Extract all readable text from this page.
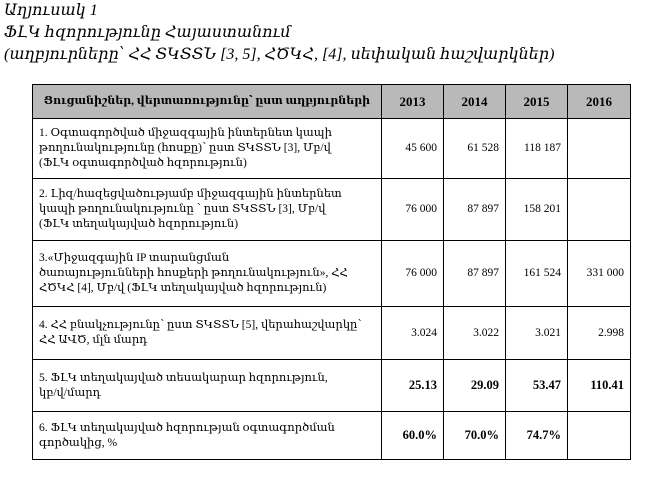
Աղյուսակ 1
ՖԼԿ հզորությունը Հայաստանում
(աղբյուրները՝ ՀՀ ՏԿՏՏՆ [3, 5], ՀԾԿՀ, [4], սեփական հաշվարկներ)
Ցուցանիշներ, վերտառությունը՝ ըստ աղբյուրների	2013	2014	2015	2016

1. Օգտագործված միջազգային ինտերնետ կապի
թողունակությունը (հոսքը)՝ ըստ ՏԿՏՏՆ [3], Մբ/վ
(ՖԼԿ օգտագործված հզորություն)	45 600	61 528	118 187	

2. Լիզ/հազեցվածությամբ միջազգային ինտերնետ
կապի թողունակությունը ՝ ըստ ՏԿՏՏՆ [3], Մբ/վ
(ՖԼԿ տեղակայված հզորություն)	76 000	87 897	158 201	

3.«Միջազգային IP տարանցման
ծառայությունների հոսքերի թողունակություն», ՀՀ
ՀԾԿՀ [4], Մբ/վ (ՖԼԿ տեղակայված հզորություն)	76 000	87 897	161 524	331 000

4. ՀՀ բնակչությունը՝ ըստ ՏԿՏՏՆ [5], վերահաշվարկը՝
ՀՀ ԱՎԾ, մլն մարդ	3.024	3.022	3.021	2.998

5. ՖԼԿ տեղակայված տեսակարար հզորություն,
կբ/վ/մարդ	25.13	29.09	53.47	110.41

6. ՖԼԿ տեղակայված հզորության օգտագործման
գործակից, %	60.0%	70.0%	74.7%	
